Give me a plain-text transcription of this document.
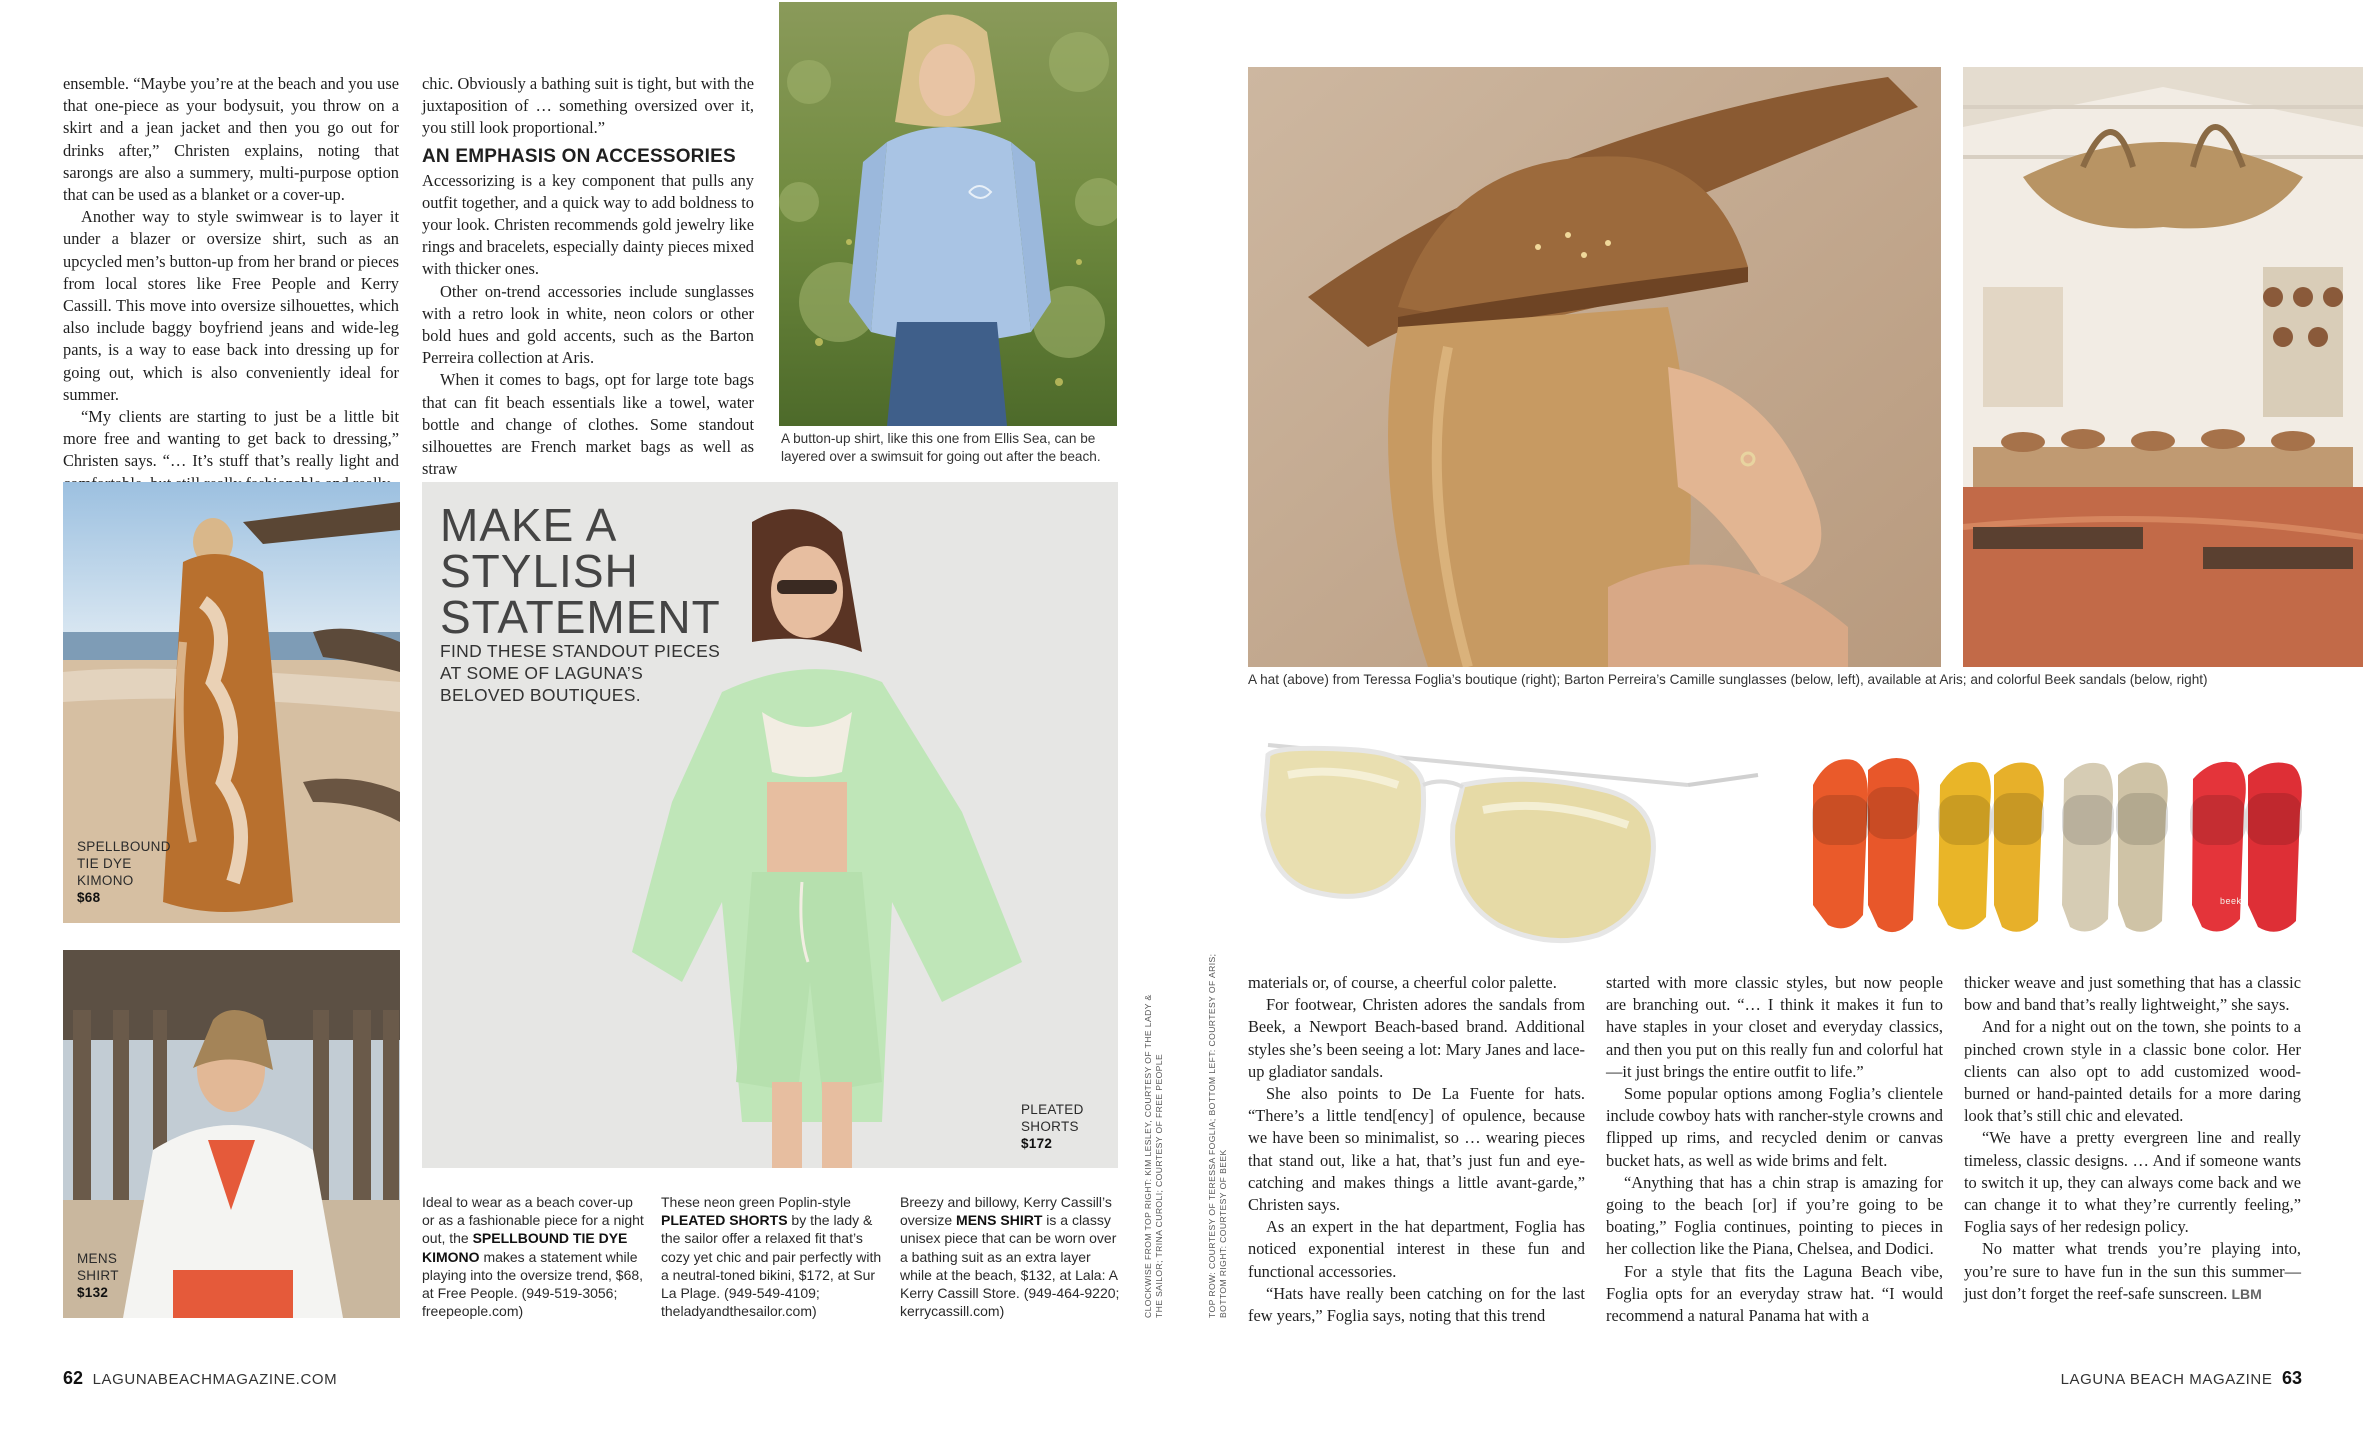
ensemble. “Maybe you’re at the beach and you use that one-piece as your bodysuit, you throw on a skirt and a jean jacket and then you go out for drinks after,” Christen explains, noting that sarongs are also a summery, multi-purpose option that can be used as a blanket or a cover-up.

Another way to style swimwear is to layer it under a blazer or oversize shirt, such as an upcycled men’s button-up from her brand or pieces from local stores like Free People and Kerry Cassill. This move into oversize silhouettes, which also include baggy boyfriend jeans and wide-leg pants, is a way to ease back into dressing up for going out, which is also conveniently ideal for summer.

“My clients are starting to just be a little bit more free and wanting to get back to dressing,” Christen says. “… It’s stuff that’s really light and

chic. Obviously a bathing suit is tight, but with the juxtaposition of … something oversized over it, you still look proportional.”

AN EMPHASIS ON ACCESSORIES

Accessorizing is a key component that pulls any outfit together, and a quick way to add boldness to your look. Christen recommends gold jewelry like rings and bracelets, especially dainty pieces mixed with thicker ones.

Other on-trend accessories include sunglasses with a retro look in white, neon colors or other bold hues and gold accents, such as the Barton Perreira collection at Aris.

When it comes to bags, opt for large tote bags that can fit beach essentials like a towel, water bottle and change of clothes. Some standout silhouettes are French market bags as well as straw

A button-up shirt, like this one from Ellis Sea, can be layered over a swimsuit for going out after the beach.
SPELLBOUND
TIE DYE
KIMONO
$68
MENS
SHIRT
$132
MAKE A
STYLISH
STATEMENT
FIND THESE STANDOUT PIECES
AT SOME OF LAGUNA’S
BELOVED BOUTIQUES.
PLEATED
SHORTS
$172
Ideal to wear as a beach cover-up or as a fashionable piece for a night out, the SPELLBOUND TIE DYE KIMONO makes a statement while playing into the oversize trend, $68, at Free People. (949-519-3056; freepeople.com)
These neon green Poplin-style PLEATED SHORTS by the lady & the sailor offer a relaxed fit that’s cozy yet chic and pair perfectly with a neutral-toned bikini, $172, at Sur La Plage. (949-549-4109; theladyandthesailor.com)
Breezy and billowy, Kerry Cassill’s oversize MENS SHIRT is a classy unisex piece that can be worn over a bathing suit as an extra layer while at the beach, $132, at Lala: A Kerry Cassill Store. (949-464-9220; kerrycassill.com)	CLOCKWISE FROM TOP RIGHT: KIM LESLEY, COURTESY OF THE LADY & THE SAILOR; TRINA CUROLI; COURTESY OF FREE PEOPLE
62 LAGUNABEACHMAGAZINE.COM
A hat (above) from Teressa Foglia’s boutique (right); Barton Perreira’s Camille sunglasses (below, left), available at Aris; and colorful Beek sandals (below, right)
beek
TOP ROW: COURTESY OF TERESSA FOGLIA; BOTTOM LEFT: COURTESY OF ARIS; BOTTOM RIGHT: COURTESY OF BEEK

materials or, of course, a cheerful color palette.

For footwear, Christen adores the sandals from Beek, a Newport Beach-based brand. Additional styles she’s been seeing a lot: Mary Janes and lace-up gladiator sandals.

She also points to De La Fuente for hats. “There’s a little tend[ency] of opulence, because we have been so minimalist, so … wearing pieces that stand out, like a hat, that’s just fun and eye-catching and makes things a little avant-garde,” Christen says.

As an expert in the hat department, Foglia has noticed exponential interest in these fun and functional accessories.

“Hats have really been catching on for the last few years,” Foglia says, noting that this trend

started with more classic styles, but now people are branching out. “… I think it makes it fun to have staples in your closet and everyday classics, and then you put on this really fun and colorful hat—it just brings the entire outfit to life.”

Some popular options among Foglia’s clientele include cowboy hats with rancher-style crowns and flipped up rims, and recycled denim or canvas bucket hats, as well as wide brims and felt.

“Anything that has a chin strap is amazing for going to the beach [or] if you’re going to be boating,” Foglia continues, pointing to pieces in her collection like the Piana, Chelsea, and Dodici.

For a style that fits the Laguna Beach vibe, Foglia opts for an everyday straw hat. “I would recommend a natural Panama hat with a

thicker weave and just something that has a classic bow and band that’s really lightweight,” she says.

And for a night out on the town, she points to a pinched crown style in a classic bone color. Her clients can also opt to add customized wood-burned or hand-painted details for a more daring look that’s still chic and elevated.

“We have a pretty evergreen line and really timeless, classic designs. … And if someone wants to switch it up, they can always come back and we can change it to what they’re currently feeling,” Foglia says of her redesign policy.

No matter what trends you’re playing into, you’re sure to have fun in the sun this summer—just don’t forget the reef-safe sunscreen. LBM

LAGUNA BEACH MAGAZINE 63
